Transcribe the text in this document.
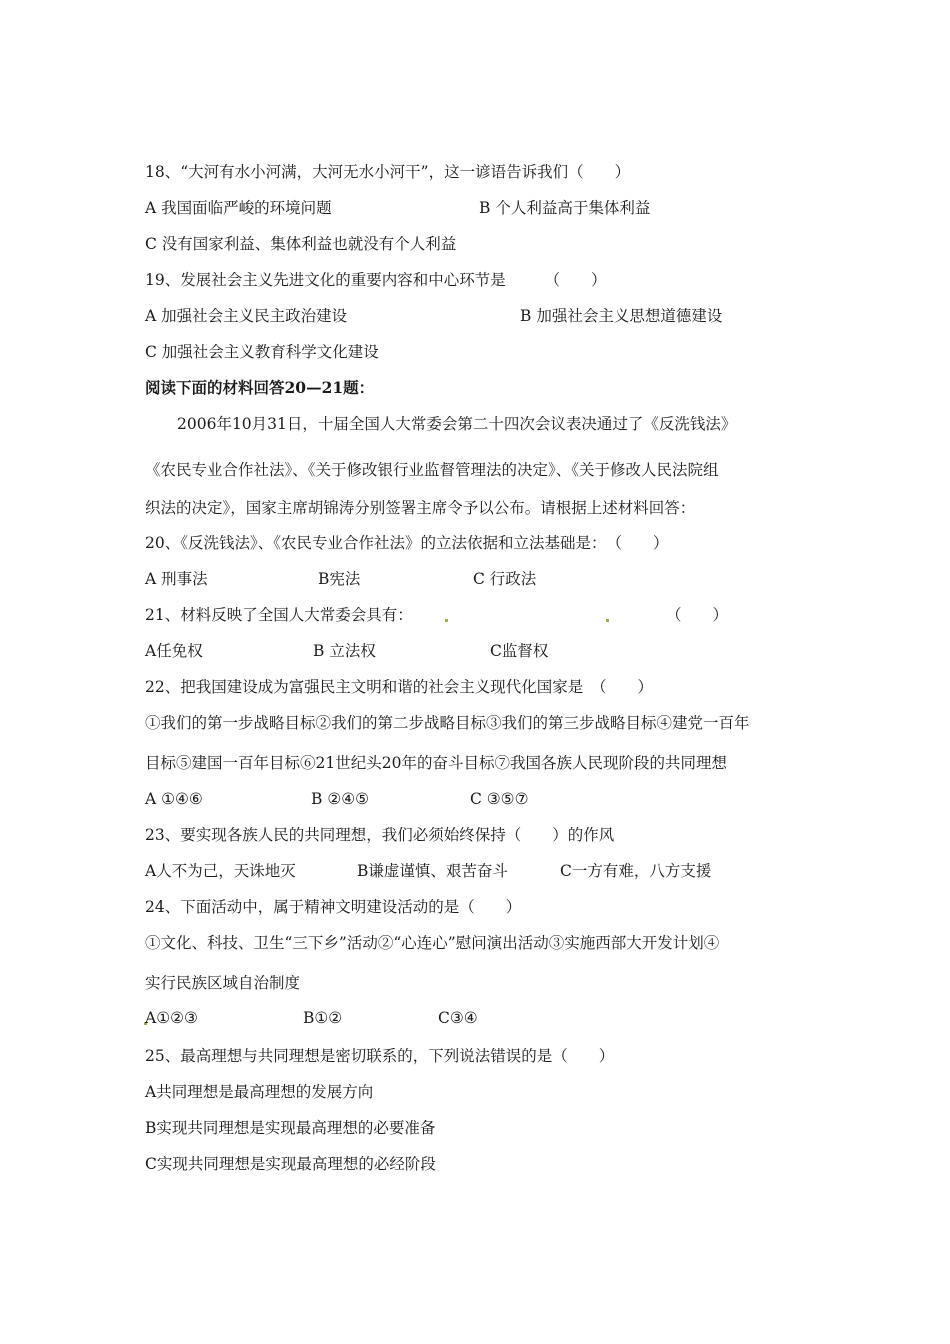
18、“大河有水小河满，大河无水小河干”，这一谚语告诉我们（　　）
A 我国面临严峻的环境问题	B 个人利益高于集体利益
C 没有国家利益、集体利益也就没有个人利益
19、发展社会主义先进文化的重要内容和中心环节是　　　（　　）
A 加强社会主义民主政治建设	B 加强社会主义思想道德建设
C 加强社会主义教育科学文化建设
阅读下面的材料回答20—21题：
2006年10月31日，十届全国人大常委会第二十四次会议表决通过了《反洗钱法》
《农民专业合作社法》、《关于修改银行业监督管理法的决定》、《关于修改人民法院组
织法的决定》，国家主席胡锦涛分别签署主席令予以公布。请根据上述材料回答：
20、《反洗钱法》、《农民专业合作社法》的立法依据和立法基础是：　（　　）
A 刑事法	B宪法	C 行政法
21、材料反映了全国人大常委会具有：	（　　）
A任免权	B 立法权	C监督权
22、把我国建设成为富强民主文明和谐的社会主义现代化国家是　（　　）
①我们的第一步战略目标②我们的第二步战略目标③我们的第三步战略目标④建党一百年
目标⑤建国一百年目标⑥21世纪头20年的奋斗目标⑦我国各族人民现阶段的共同理想
A ①④⑥	B ②④⑤	C ③⑤⑦
23、要实现各族人民的共同理想，我们必须始终保持（　　）的作风
A人不为己，天诛地灭	B谦虚谨慎、艰苦奋斗	C一方有难，八方支援
24、下面活动中，属于精神文明建设活动的是（　　）
①文化、科技、卫生“三下乡”活动②“心连心”慰问演出活动③实施西部大开发计划④
实行民族区域自治制度
A①②③	B①②	C③④
25、最高理想与共同理想是密切联系的，下列说法错误的是（　　）
A共同理想是最高理想的发展方向
B实现共同理想是实现最高理想的必要准备
C实现共同理想是实现最高理想的必经阶段
